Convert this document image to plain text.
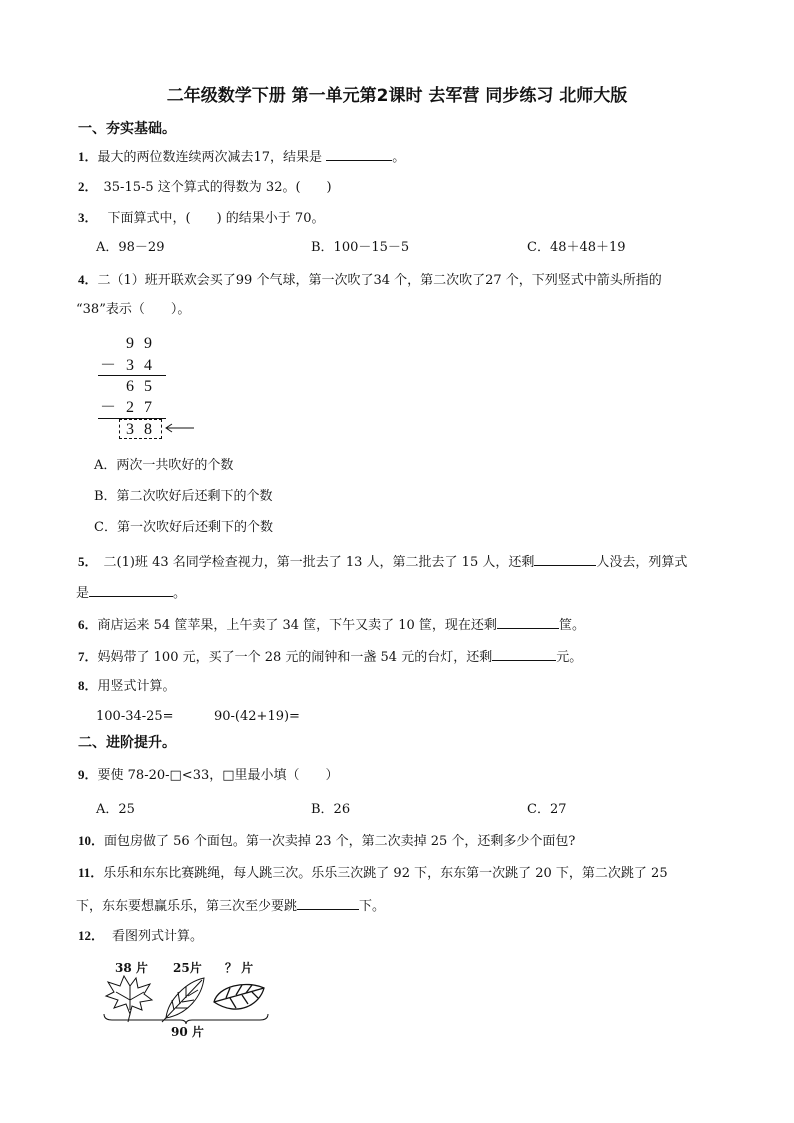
二年级数学下册 第一单元第2课时 去军营 同步练习 北师大版
一、夯实基础。
1．最大的两位数连续两次减去17，结果是	。
2． 35-15-5 这个算式的得数为 32。(　　)
3． 下面算式中，(　　) 的结果小于 70。
A．98－29	B．100－15－5	C．48＋48＋19
4．二（1）班开联欢会买了99 个气球，第一次吹了34 个，第二次吹了27 个，下列竖式中箭头所指的
“38”表示（　　）。
9 9
－ 3 4
6 5
－ 2 7
3 8
A．两次一共吹好的个数
B．第二次吹好后还剩下的个数
C．第一次吹好后还剩下的个数
5． 二(1)班 43 名同学检查视力，第一批去了 13 人，第二批去了 15 人，还剩	人没去，列算式
是	。
6．商店运来 54 筐苹果，上午卖了 34 筐，下午又卖了 10 筐，现在还剩	筐。
7．妈妈带了 100 元，买了一个 28 元的闹钟和一盏 54 元的台灯，还剩	元。
8．用竖式计算。
100-34-25=	90-(42+19)=
二、进阶提升。
9．要使 78-20-□<33，□里最小填（　　）
A．25	B．26	C．27
10．面包房做了 56 个面包。第一次卖掉 23 个，第二次卖掉 25 个，还剩多少个面包?
11．乐乐和东东比赛跳绳，每人跳三次。乐乐三次跳了 92 下，东东第一次跳了 20 下，第二次跳了 25
下，东东要想赢乐乐，第三次至少要跳	下。
12． 看图列式计算。
38 片 25片 ？ 片
90 片
